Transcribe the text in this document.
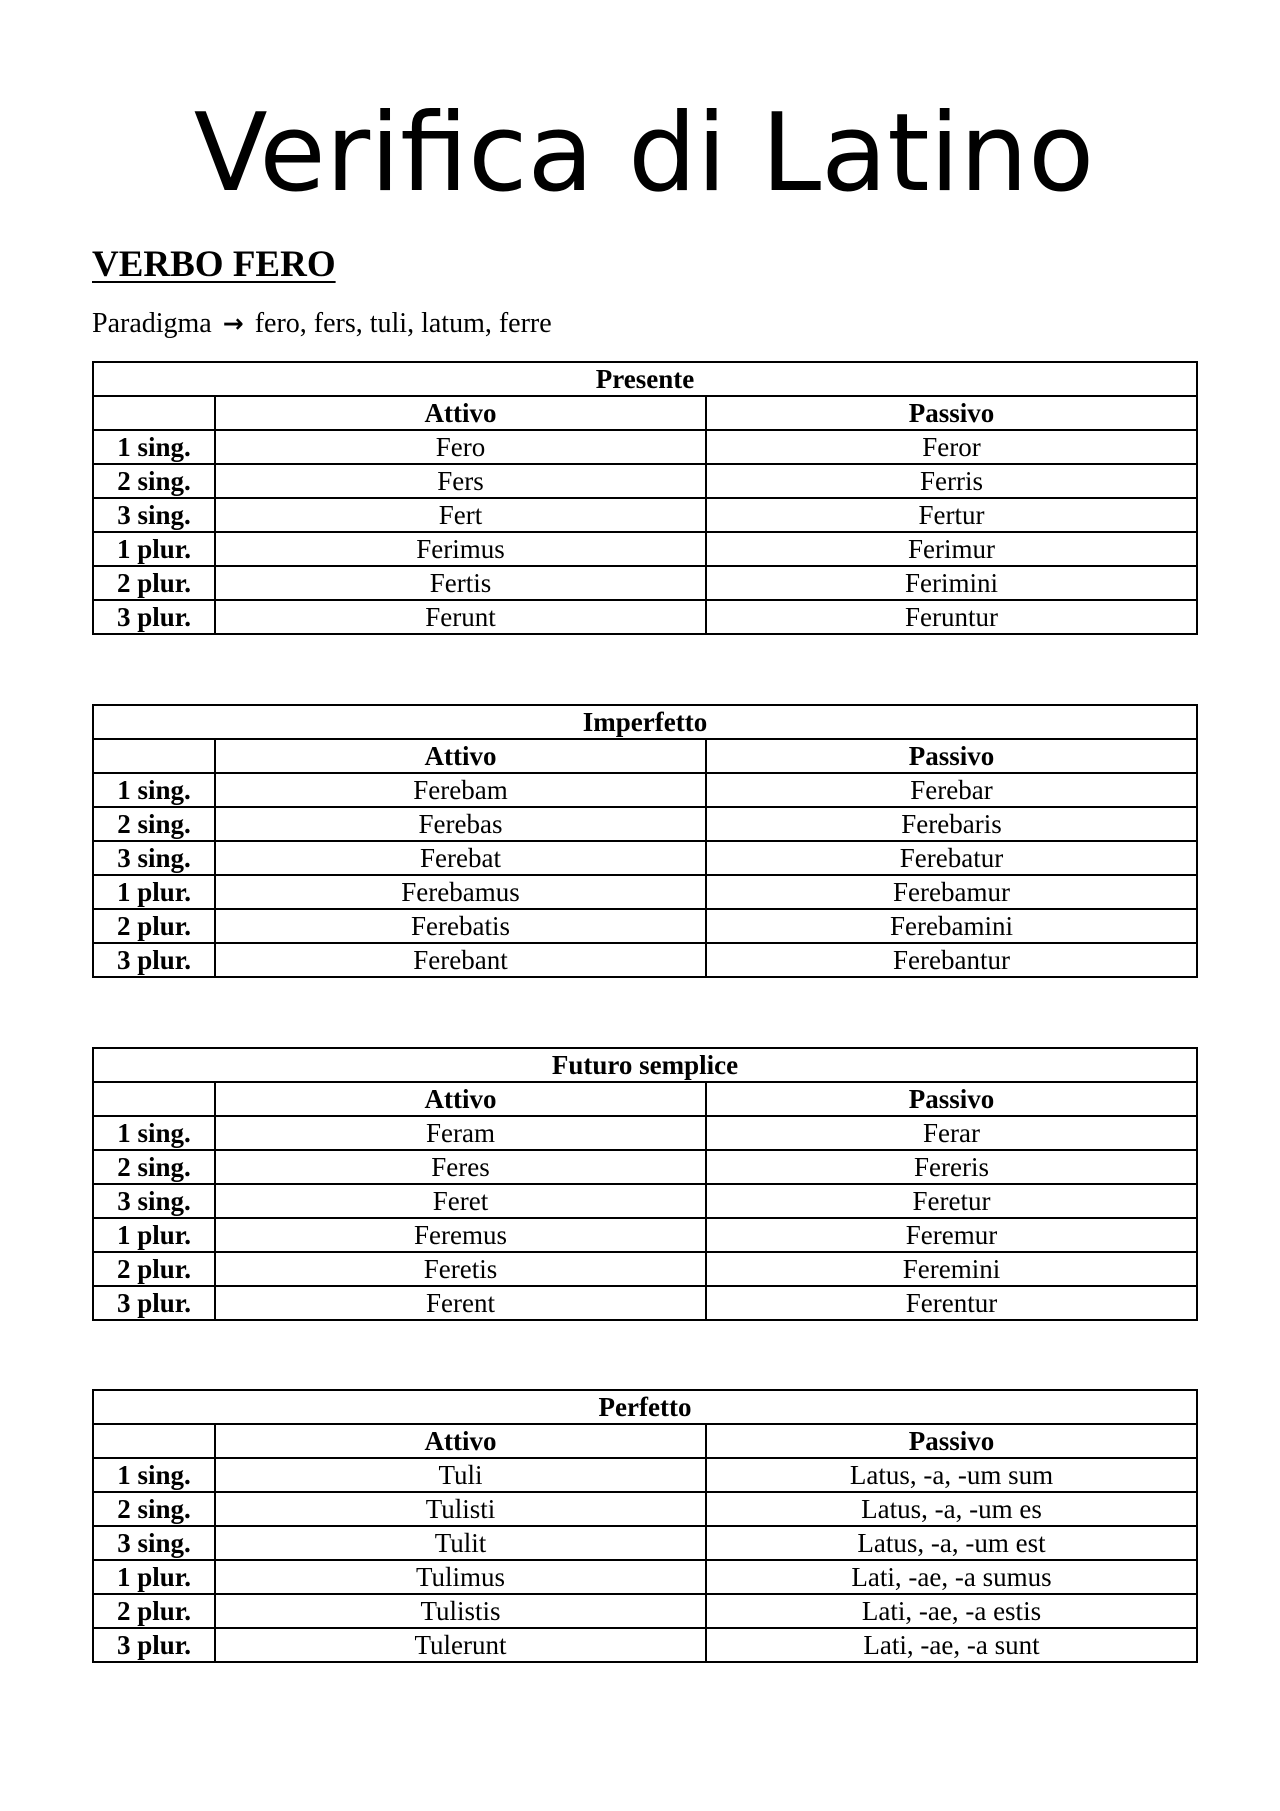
Verifica di Latino
VERBO FERO

Paradigma → fero, fers, tuli, latum, ferre

Presente		
	Attivo	Passivo
1 sing.	Fero	Feror
2 sing.	Fers	Ferris
3 sing.	Fert	Fertur
1 plur.	Ferimus	Ferimur
2 plur.	Fertis	Ferimini
3 plur.	Ferunt	Feruntur
Imperfetto		
	Attivo	Passivo
1 sing.	Ferebam	Ferebar
2 sing.	Ferebas	Ferebaris
3 sing.	Ferebat	Ferebatur
1 plur.	Ferebamus	Ferebamur
2 plur.	Ferebatis	Ferebamini
3 plur.	Ferebant	Ferebantur
Futuro semplice		
	Attivo	Passivo
1 sing.	Feram	Ferar
2 sing.	Feres	Fereris
3 sing.	Feret	Feretur
1 plur.	Feremus	Feremur
2 plur.	Feretis	Feremini
3 plur.	Ferent	Ferentur
Perfetto		
	Attivo	Passivo
1 sing.	Tuli	Latus, -a, -um sum
2 sing.	Tulisti	Latus, -a, -um es
3 sing.	Tulit	Latus, -a, -um est
1 plur.	Tulimus	Lati, -ae, -a sumus
2 plur.	Tulistis	Lati, -ae, -a estis
3 plur.	Tulerunt	Lati, -ae, -a sunt
